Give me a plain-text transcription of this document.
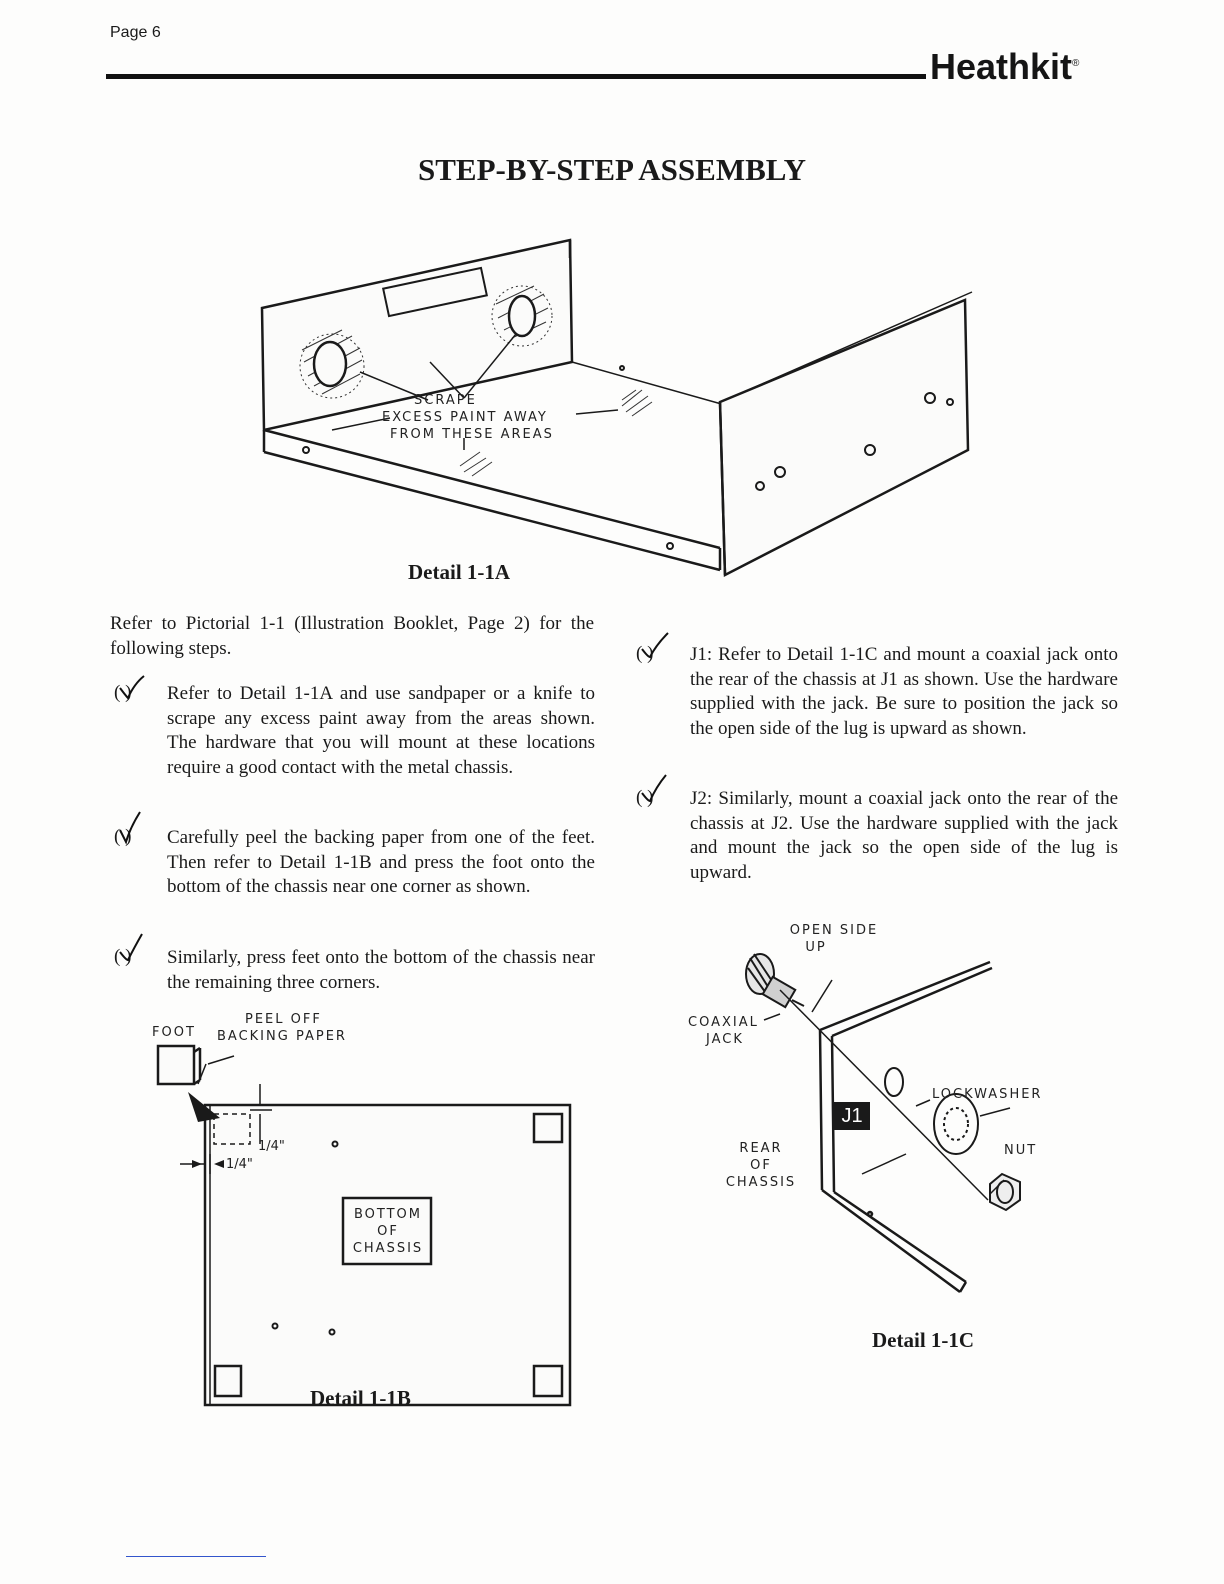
Page 6
Heathkit®
STEP-BY-STEP ASSEMBLY
SCRAPE
EXCESS PAINT AWAY
FROM THESE AREAS
Detail 1-1A
Refer to Pictorial 1-1 (Illustration Booklet, Page 2) for the following steps.
( ) Refer to Detail 1-1A and use sandpaper or a knife to scrape any excess paint away from the areas shown. The hardware that you will mount at these locations require a good contact with the metal chassis.
( ) Carefully peel the backing paper from one of the feet. Then refer to Detail 1-1B and press the foot onto the bottom of the chassis near one corner as shown.
( ) Similarly, press feet onto the bottom of the chassis near the remaining three corners.
( ) J1: Refer to Detail 1-1C and mount a coaxial jack onto the rear of the chassis at J1 as shown. Use the hardware supplied with the jack. Be sure to position the jack so the open side of the lug is upward as shown.
( ) J2: Similarly, mount a coaxial jack onto the rear of the chassis at J2. Use the hardware supplied with the jack and mount the jack so the open side of the lug is upward.
FOOT
PEEL OFF
BACKING PAPER
1/4"
1/4"
BOTTOM
OF
CHASSIS
Detail 1-1B
OPEN SIDE
UP
COAXIAL
JACK
LOCKWASHER
REAR
OF
CHASSIS
NUT
J1
Detail 1-1C
